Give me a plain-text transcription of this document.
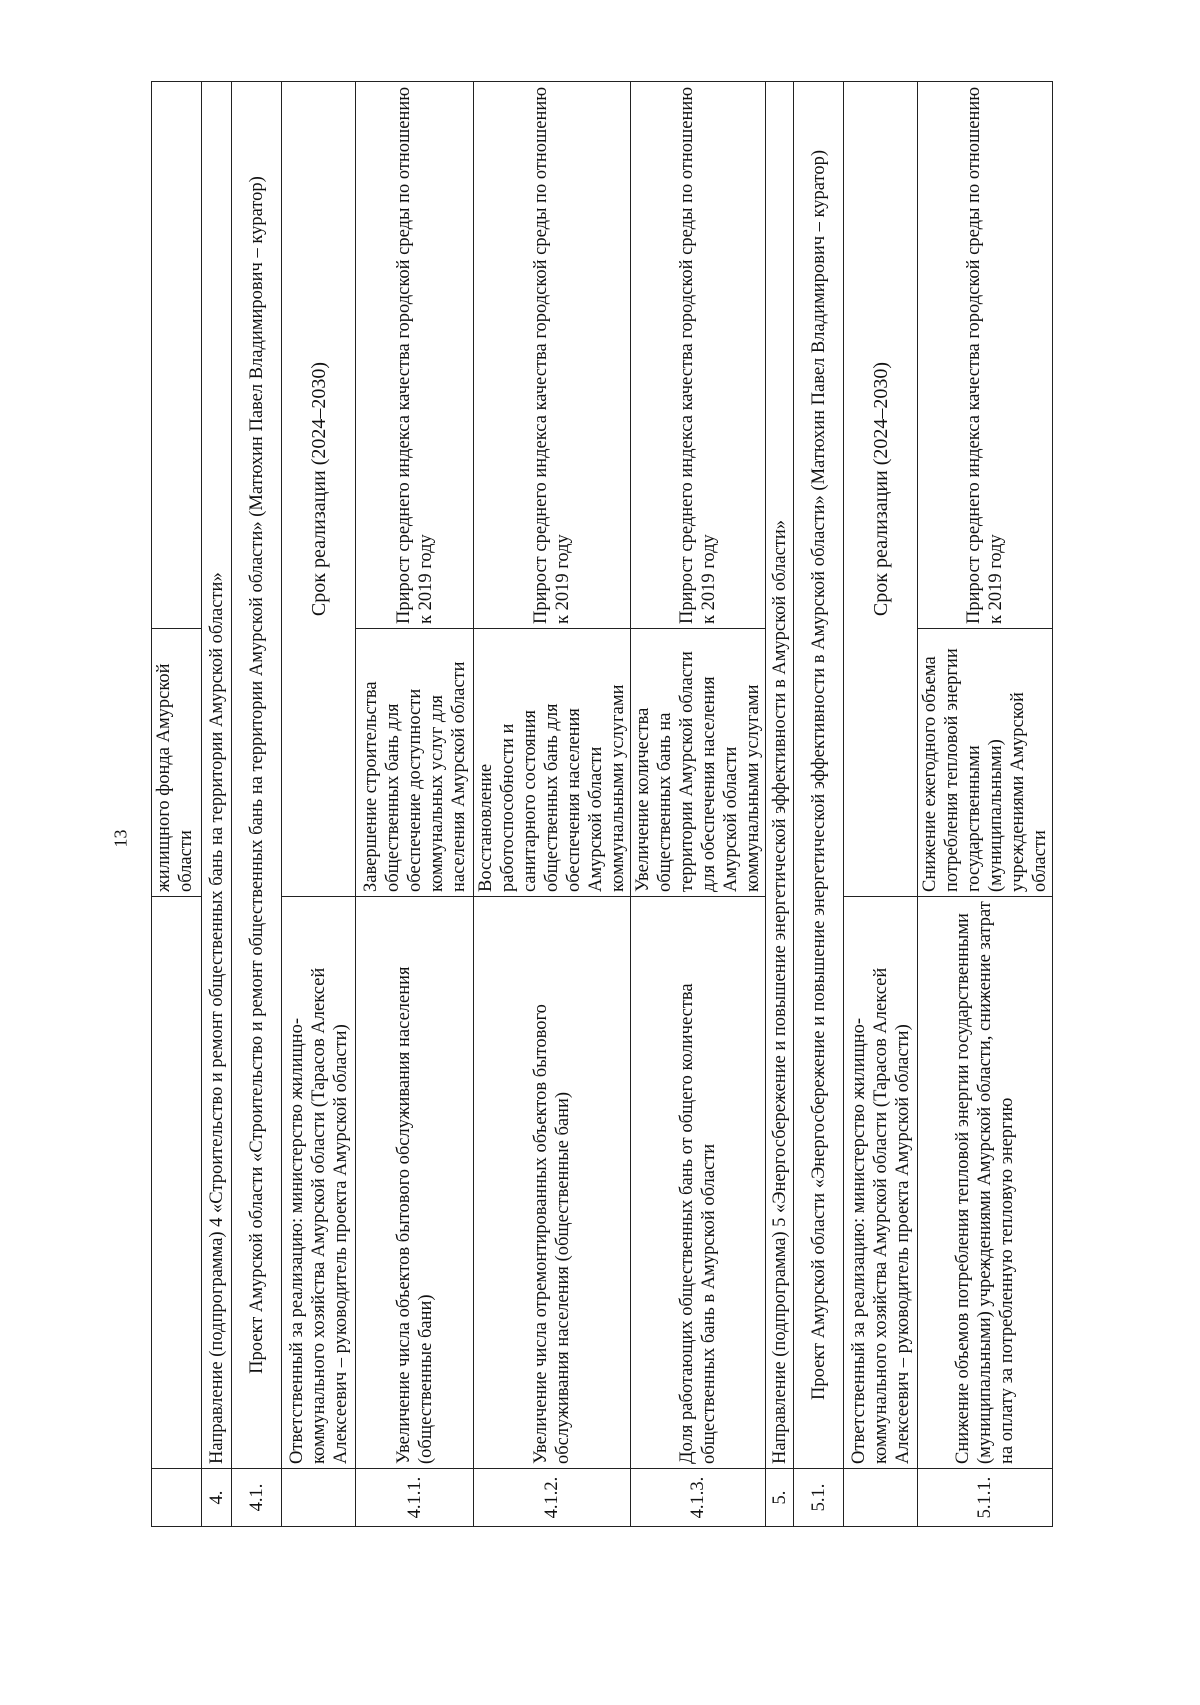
13
		жилищного фонда Амурской области	
4.	Направление (подпрограмма) 4 «Строительство и ремонт общественных бань на территории Амурской области»		
4.1.	Проект Амурской области «Строительство и ремонт общественных бань на территории Амурской области» (Матюхин Павел Владимирович – куратор)		
	Ответственный за реализацию: министерство жилищно-коммунального хозяйства Амурской области (Тарасов Алексей Алексеевич – руководитель проекта Амурской области)	Срок реализации (2024–2030)	
4.1.1.	Увеличение числа объектов бытового обслуживания населения (общественные бани)	Завершение строительства общественных бань для обеспечение доступности коммунальных услуг для населения Амурской области	Прирост среднего индекса качества городской среды по отношению к 2019 году
4.1.2.	Увеличение числа отремонтированных объектов бытового обслуживания населения (общественные бани)	Восстановление работоспособности и санитарного состояния общественных бань для обеспечения населения Амурской области коммунальными услугами	Прирост среднего индекса качества городской среды по отношению к 2019 году
4.1.3.	Доля работающих общественных бань от общего количества общественных бань в Амурской области	Увеличение количества общественных бань на территории Амурской области для обеспечения населения Амурской области коммунальными услугами	Прирост среднего индекса качества городской среды по отношению к 2019 году
5.	Направление (подпрограмма) 5 «Энергосбережение и повышение энергетической эффективности в Амурской области»		
5.1.	Проект Амурской области «Энергосбережение и повышение энергетической эффективности в Амурской области» (Матюхин Павел Владимирович – куратор)		
	Ответственный за реализацию: министерство жилищно-коммунального хозяйства Амурской области (Тарасов Алексей Алексеевич – руководитель проекта Амурской области)	Срок реализации (2024–2030)	
5.1.1.	Снижение объемов потребления тепловой энергии государственными (муниципальными) учреждениями Амурской области, снижение затрат на оплату за потребленную тепловую энергию	Снижение ежегодного объема потребления тепловой энергии государственными (муниципальными) учреждениями Амурской области	Прирост среднего индекса качества городской среды по отношению к 2019 году
